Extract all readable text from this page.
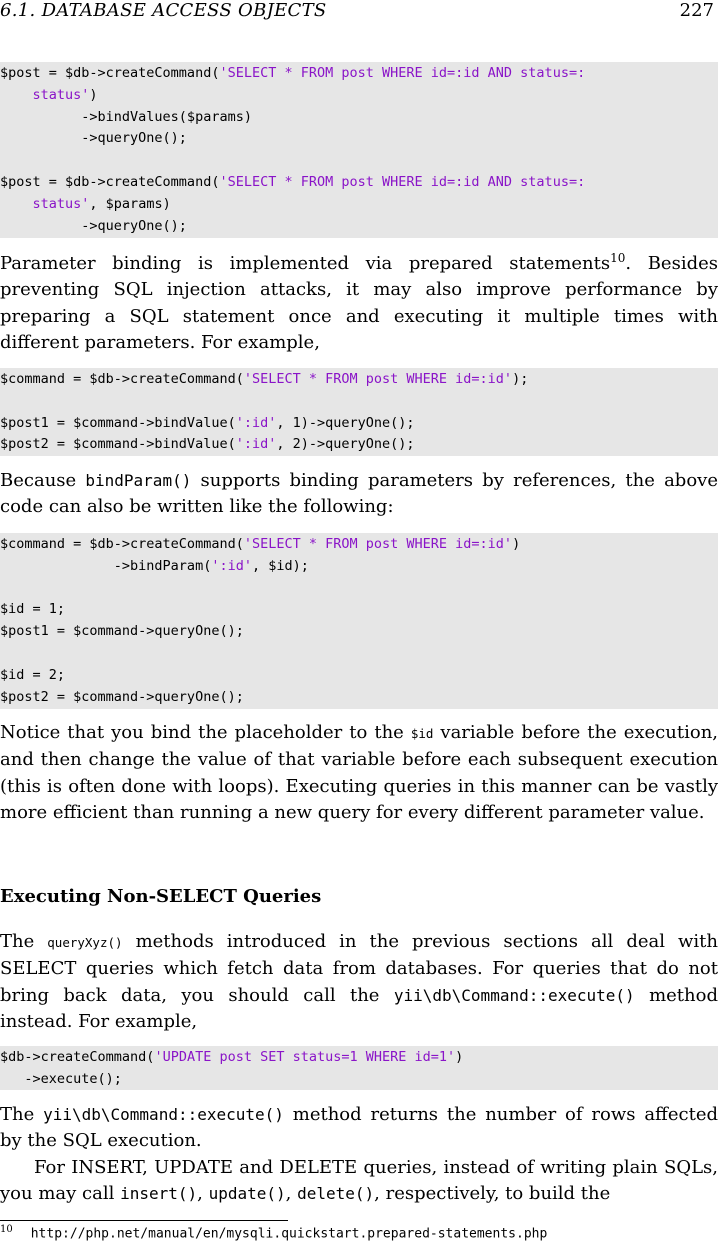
6.1. DATABASE ACCESS OBJECTS	227
$post = $db->createCommand('SELECT * FROM post WHERE id=:id AND status=:
status')
->bindValues($params)
->queryOne();

$post = $db->createCommand('SELECT * FROM post WHERE id=:id AND status=:
status', $params)
->queryOne();
Parameter binding is implemented via prepared statements$^{10}$. Besides preventing SQL injection attacks, it may also improve performance by preparing a SQL statement once and executing it multiple times with different parameters. For example,
$command = $db->createCommand('SELECT * FROM post WHERE id=:id');

$post1 = $command->bindValue(':id', 1)->queryOne();
$post2 = $command->bindValue(':id', 2)->queryOne();
Because bindParam() supports binding parameters by references, the above code can also be written like the following:
$command = $db->createCommand('SELECT * FROM post WHERE id=:id')
->bindParam(':id', $id);

$id = 1;
$post1 = $command->queryOne();

$id = 2;
$post2 = $command->queryOne();
Notice that you bind the placeholder to the $id variable before the execution, and then change the value of that variable before each subsequent execution (this is often done with loops). Executing queries in this manner can be vastly more efficient than running a new query for every different parameter value.
Executing Non-SELECT Queries
The queryXyz() methods introduced in the previous sections all deal with SELECT queries which fetch data from databases. For queries that do not bring back data, you should call the yii\db\Command::execute() method instead. For example,
$db->createCommand('UPDATE post SET status=1 WHERE id=1')
->execute();
The yii\db\Command::execute() method returns the number of rows affected by the SQL execution.
For INSERT, UPDATE and DELETE queries, instead of writing plain SQLs, you may call insert(), update(), delete(), respectively, to build the
$^{10}$ http://php.net/manual/en/mysqli.quickstart.prepared-statements.php
